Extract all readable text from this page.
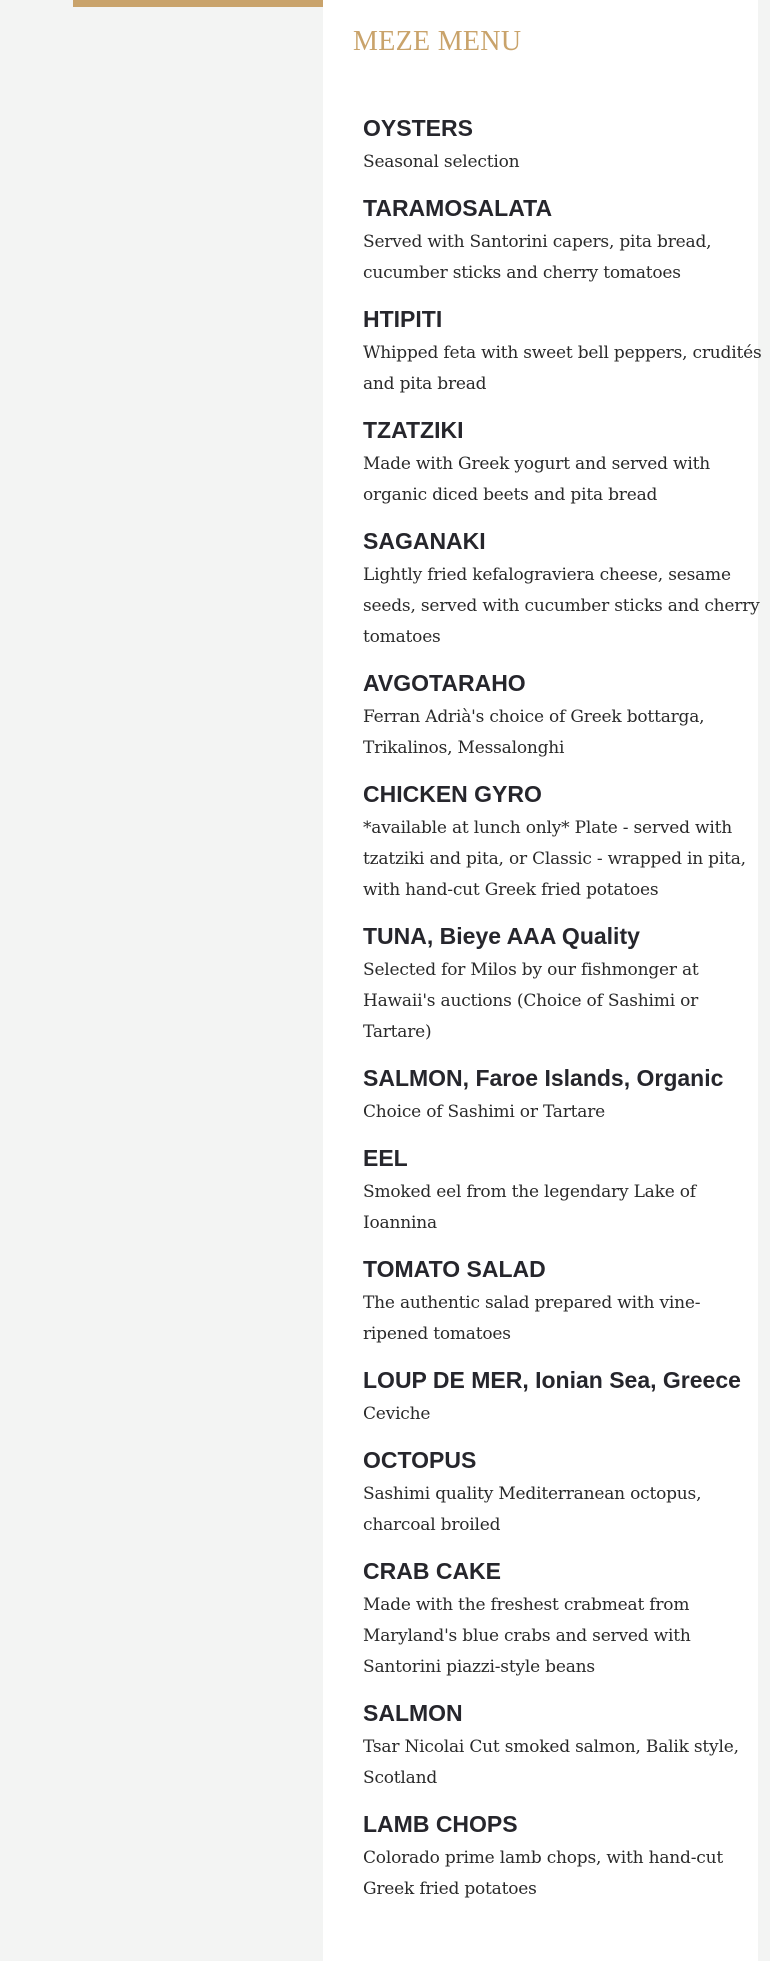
MEZE MENU
OYSTERS

Seasonal selection

TARAMOSALATA

Served with Santorini capers, pita bread, cucumber sticks and cherry tomatoes

HTIPITI

Whipped feta with sweet bell peppers, crudités and pita bread

TZATZIKI

Made with Greek yogurt and served with organic diced beets and pita bread

SAGANAKI

Lightly fried kefalograviera cheese, sesame seeds, served with cucumber sticks and cherry tomatoes

AVGOTARAHO

Ferran Adrià's choice of Greek bottarga, Trikalinos, Messalonghi

CHICKEN GYRO

*available at lunch only* Plate - served with tzatziki and pita, or Classic - wrapped in pita, with hand-cut Greek fried potatoes

TUNA, Bieye AAA Quality

Selected for Milos by our fishmonger at Hawaii's auctions (Choice of Sashimi or Tartare)

SALMON, Faroe Islands, Organic

Choice of Sashimi or Tartare

EEL

Smoked eel from the legendary Lake of Ioannina

TOMATO SALAD

The authentic salad prepared with vine-ripened tomatoes

LOUP DE MER, Ionian Sea, Greece

Ceviche

OCTOPUS

Sashimi quality Mediterranean octopus, charcoal broiled

CRAB CAKE

Made with the freshest crabmeat from Maryland's blue crabs and served with Santorini piazzi-style beans

SALMON

Tsar Nicolai Cut smoked salmon, Balik style, Scotland

LAMB CHOPS

Colorado prime lamb chops, with hand-cut Greek fried potatoes
